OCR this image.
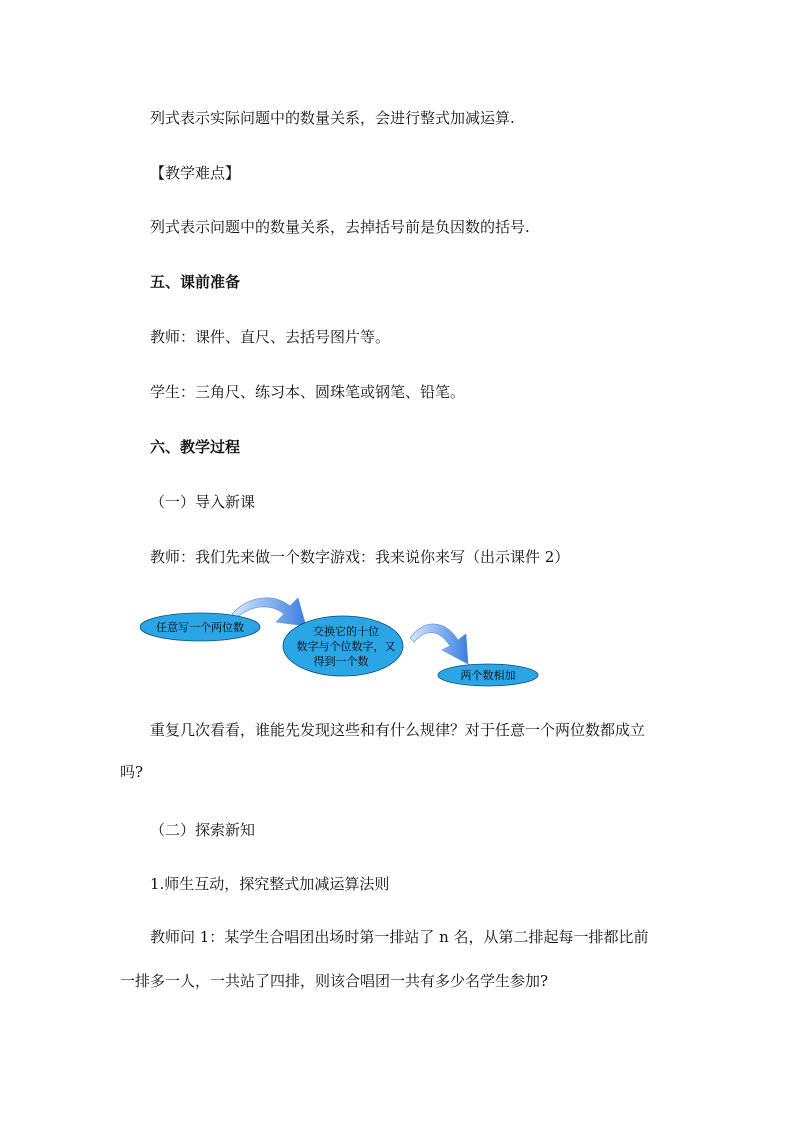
列式表示实际问题中的数量关系，会进行整式加减运算.
【教学难点】
列式表示问题中的数量关系，去掉括号前是负因数的括号.
五、课前准备
教师：课件、直尺、去括号图片等。
学生：三角尺、练习本、圆珠笔或钢笔、铅笔。
六、教学过程
（一）导入新课
教师：我们先来做一个数字游戏：我来说你来写（出示课件 2）
任意写一个两位数	交换它的十位
数字与个位数字，又
得到一个数
两个数相加
重复几次看看，谁能先发现这些和有什么规律？对于任意一个两位数都成立
吗?
（二）探索新知
1.师生互动，探究整式加减运算法则
教师问 1：某学生合唱团出场时第一排站了 n 名，从第二排起每一排都比前
一排多一人，一共站了四排，则该合唱团一共有多少名学生参加?
